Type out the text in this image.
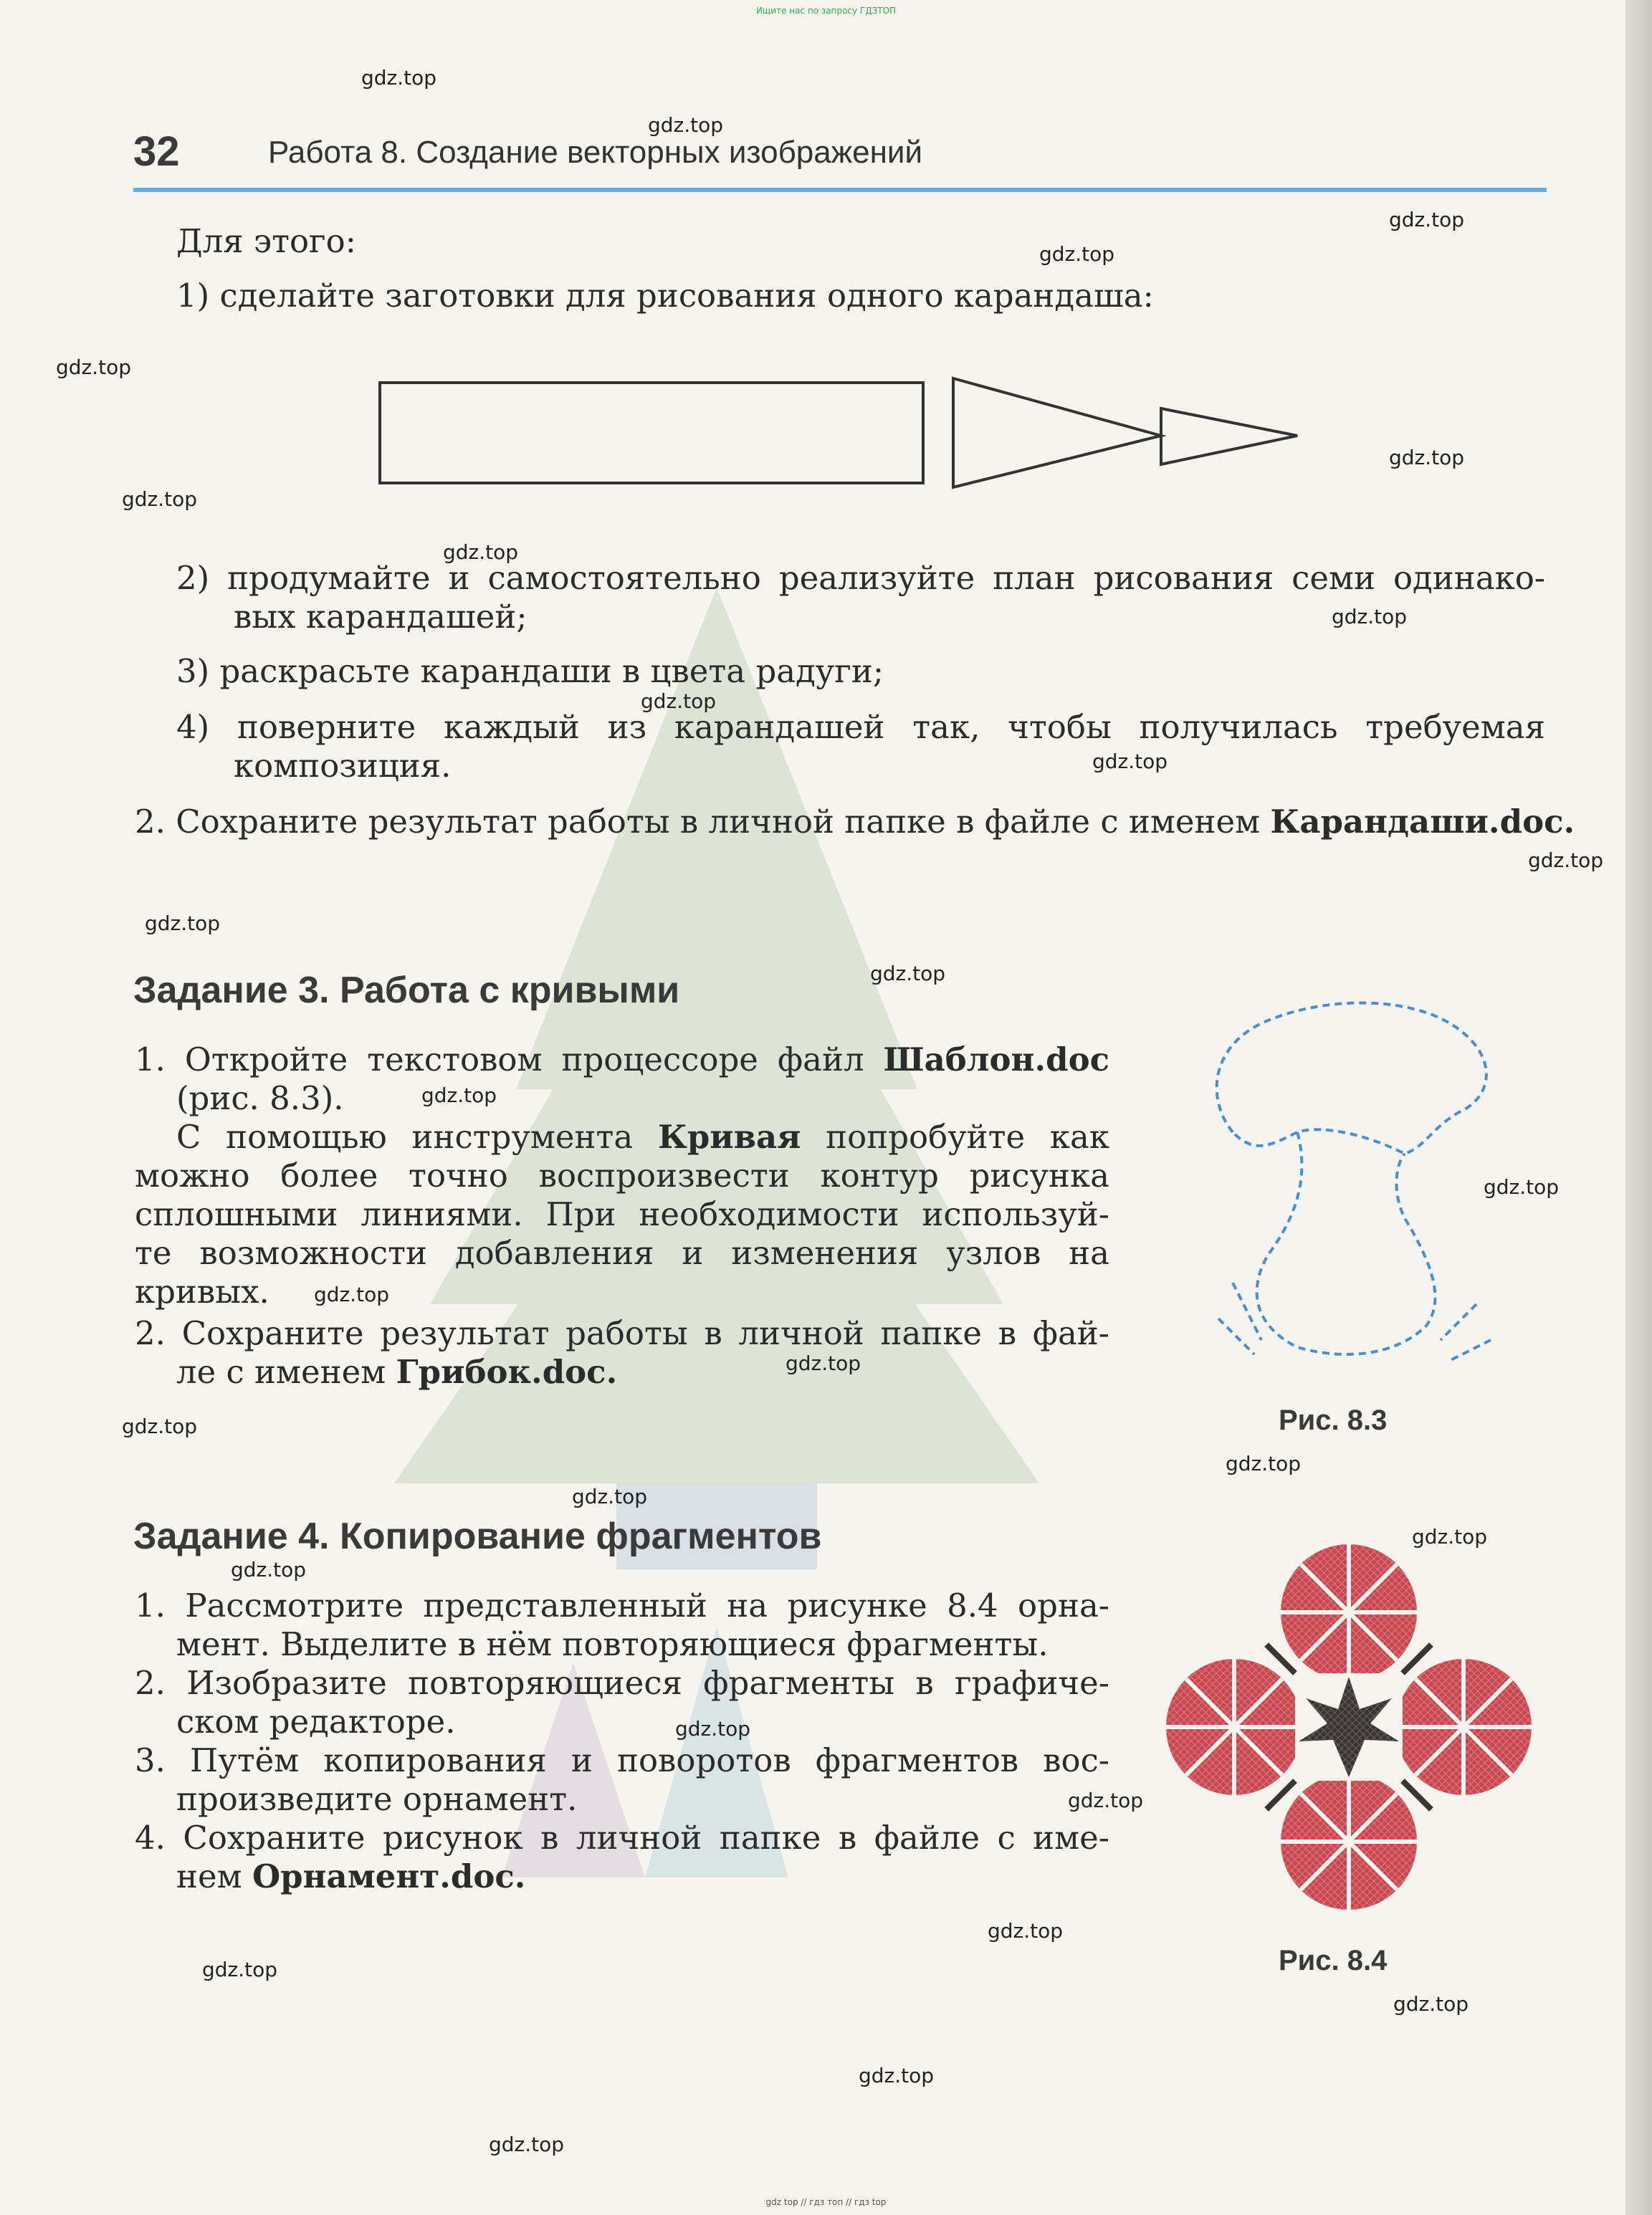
Ищите нас по запросу ГДЗТОП
32	Работа 8. Создание векторных изображений
Для этого:
1) сделайте заготовки для рисования одного карандаша:
2) продумайте и самостоятельно реализуйте план рисования семи одинако-
вых карандашей;
3) раскрасьте карандаши в цвета радуги;
4) поверните каждый из карандашей так, чтобы получилась требуемая
композиция.
2. Сохраните результат работы в личной папке в файле с именем Карандаши.doc.
Задание 3. Работа с кривыми
1. Откройте текстовом процессоре файл Шаблон.doc
(рис. 8.3).
С помощью инструмента Кривая попробуйте как
можно более точно воспроизвести контур рисунка
сплошными линиями. При необходимости используй-
те возможности добавления и изменения узлов на
кривых.
2. Сохраните результат работы в личной папке в фай-
ле с именем Грибок.doc.
Рис. 8.3
Задание 4. Копирование фрагментов
1. Рассмотрите представленный на рисунке 8.4 орна-
мент. Выделите в нём повторяющиеся фрагменты.
2. Изобразите повторяющиеся фрагменты в графиче-
ском редакторе.
3. Путём копирования и поворотов фрагментов вос-
произведите орнамент.
4. Сохраните рисунок в личной папке в файле с име-
нем Орнамент.doc.
Рис. 8.4
gdz.top
gdz.top
gdz.top
gdz.top
gdz.top
gdz.top
gdz.top
gdz.top
gdz.top
gdz.top
gdz.top
gdz.top
gdz.top
gdz.top
gdz.top
gdz.top
gdz.top
gdz.top
gdz.top
gdz.top
gdz.top
gdz.top
gdz.top
gdz.top
gdz.top
gdz.top
gdz.top
gdz.top
gdz.top
gdz.top
gdz top // гдз топ // гдз top
